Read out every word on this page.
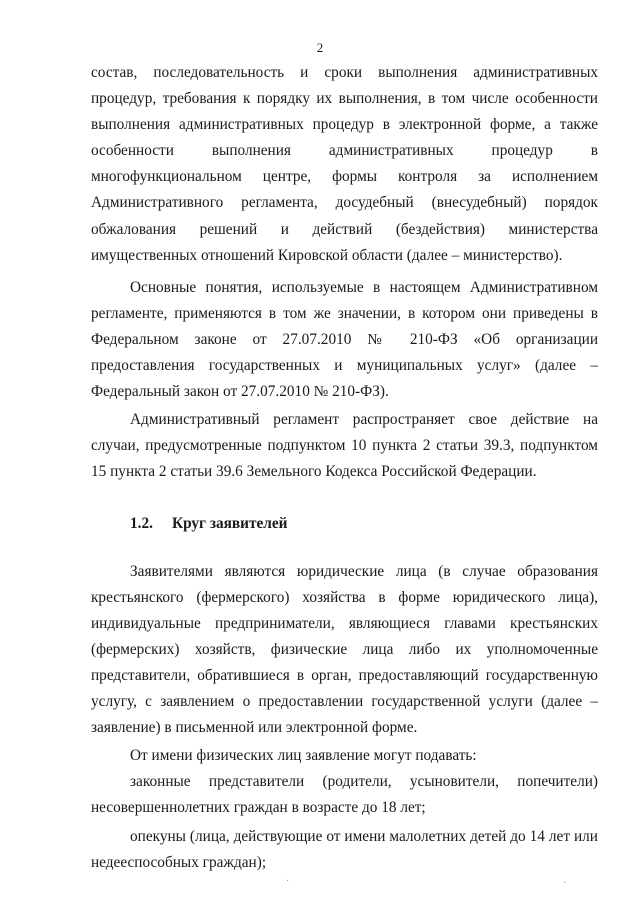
2

состав, последовательность и сроки выполнения административных процедур, требования к порядку их выполнения, в том числе особенности выполнения административных процедур в электронной форме, а также особенности выполнения административных процедур в многофункциональном центре, формы контроля за исполнением Административного регламента, досудебный (внесудебный) порядок обжалования решений и действий (бездействия) министерства имущественных отношений Кировской области (далее – министерство).

Основные понятия, используемые в настоящем Административном регламенте, применяются в том же значении, в котором они приведены в Федеральном законе от 27.07.2010 № 210-ФЗ «Об организации предоставления государственных и муниципальных услуг» (далее – Федеральный закон от 27.07.2010 № 210-ФЗ).

Административный регламент распространяет свое действие на случаи, предусмотренные подпунктом 10 пункта 2 статьи 39.3, подпунктом 15 пункта 2 статьи 39.6 Земельного Кодекса Российской Федерации.

1.2. Круг заявителей

Заявителями являются юридические лица (в случае образования крестьянского (фермерского) хозяйства в форме юридического лица), индивидуальные предприниматели, являющиеся главами крестьянских (фермерских) хозяйств, физические лица либо их уполномоченные представители, обратившиеся в орган, предоставляющий государственную услугу, с заявлением о предоставлении государственной услуги (далее – заявление) в письменной или электронной форме.

От имени физических лиц заявление могут подавать:

законные представители (родители, усыновители, попечители) несовершеннолетних граждан в возрасте до 18 лет;

опекуны (лица, действующие от имени малолетних детей до 14 лет или недееспособных граждан);

·	·
